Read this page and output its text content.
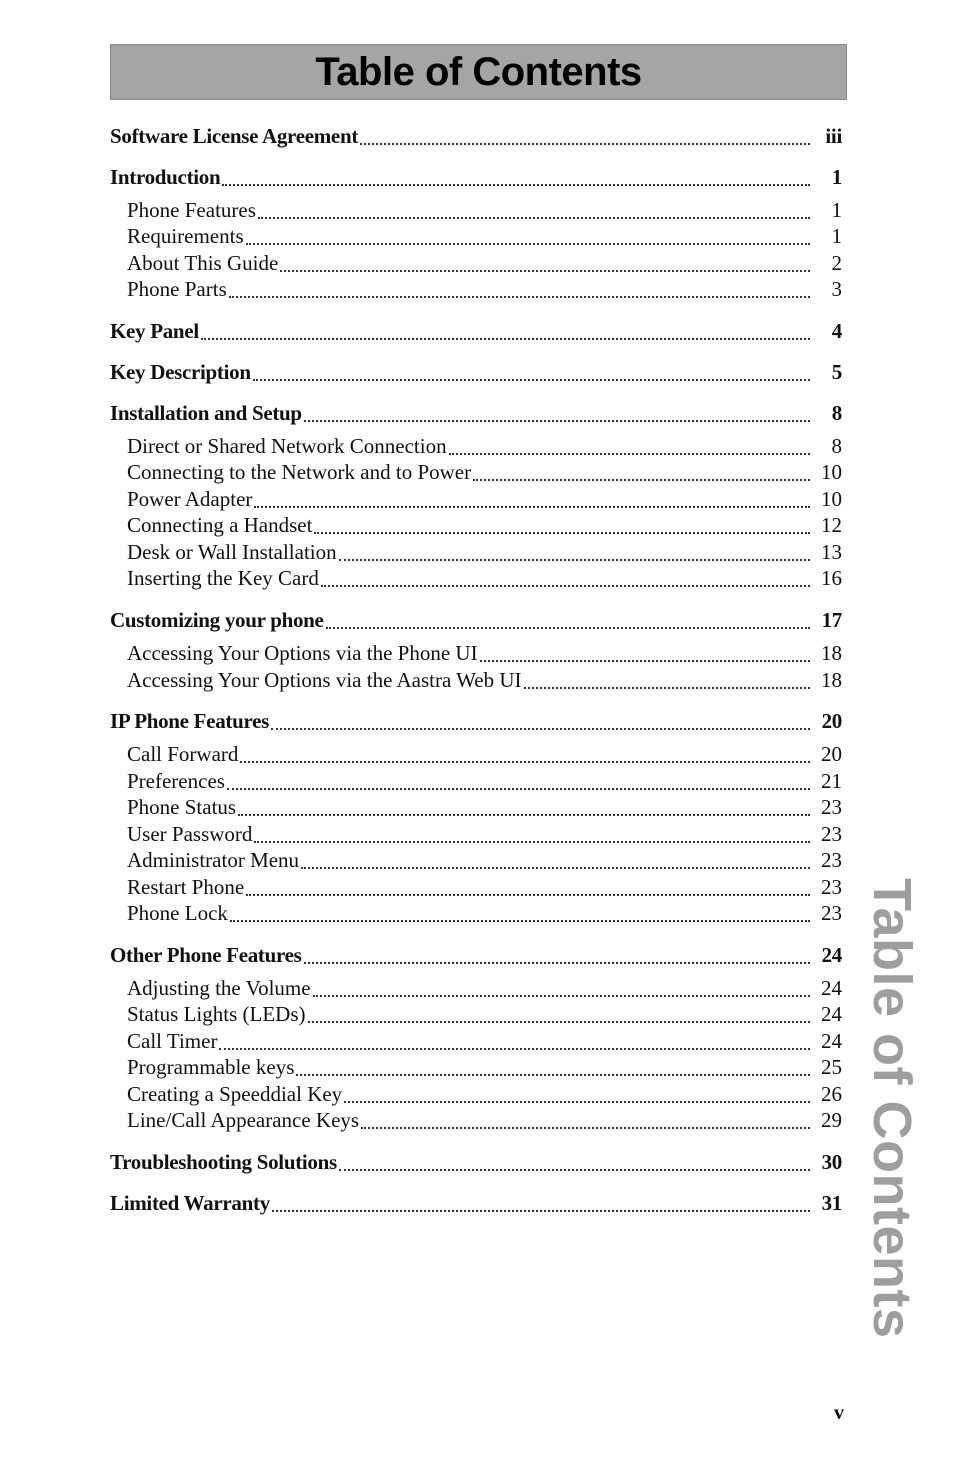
Table of Contents
Software License Agreement	iii
Introduction	1
Phone Features	1
Requirements	1
About This Guide	2
Phone Parts	3
Key Panel	4
Key Description	5
Installation and Setup	8
Direct or Shared Network Connection	8
Connecting to the Network and to Power	10
Power Adapter	10
Connecting a Handset	12
Desk or Wall Installation	13
Inserting the Key Card	16
Customizing your phone	17
Accessing Your Options via the Phone UI	18
Accessing Your Options via the Aastra Web UI	18
IP Phone Features	20
Call Forward	20
Preferences	21
Phone Status	23
User Password	23
Administrator Menu	23
Restart Phone	23
Phone Lock	23
Other Phone Features	24
Adjusting the Volume	24
Status Lights (LEDs)	24
Call Timer	24
Programmable keys	25
Creating a Speeddial Key	26
Line/Call Appearance Keys	29
Troubleshooting Solutions	30
Limited Warranty	31 Table of Contents
v
